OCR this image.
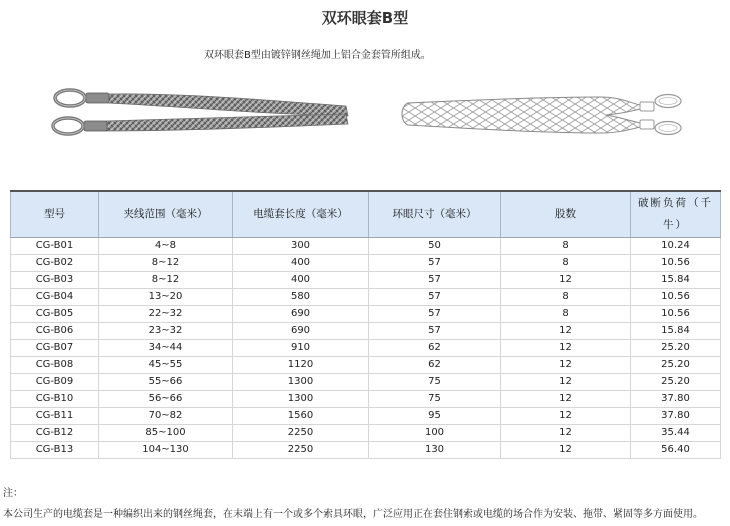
双环眼套B型
双环眼套B型由镀锌钢丝绳加上铝合金套管所组成。
型号	夹线范围（毫米）	电缆套长度（毫米）	环眼尺寸（毫米）	股数	破断负荷（千牛）
CG-B01	4~8	300	50	8	10.24
CG-B02	8~12	400	57	8	10.56
CG-B03	8~12	400	57	12	15.84
CG-B04	13~20	580	57	8	10.56
CG-B05	22~32	690	57	8	10.56
CG-B06	23~32	690	57	12	15.84
CG-B07	34~44	910	62	12	25.20
CG-B08	45~55	1120	62	12	25.20
CG-B09	55~66	1300	75	12	25.20
CG-B10	56~66	1300	75	12	37.80
CG-B11	70~82	1560	95	12	37.80
CG-B12	85~100	2250	100	12	35.44
CG-B13	104~130	2250	130	12	56.40
注：
本公司生产的电缆套是一种编织出来的钢丝绳套，在末端上有一个或多个索具环眼，广泛应用正在套住钢索或电缆的场合作为安装、拖带、紧固等多方面使用。
